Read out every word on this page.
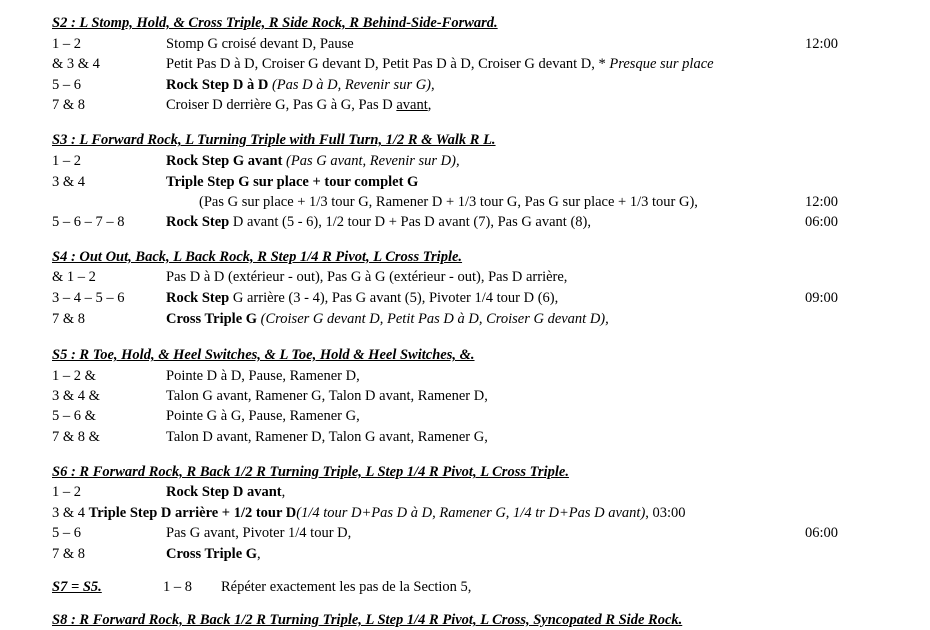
S2 : L Stomp, Hold, & Cross Triple, R Side Rock, R Behind-Side-Forward.
1 – 2	Stomp G croisé devant D, Pause	12:00
& 3 & 4	Petit Pas D à D, Croiser G devant D, Petit Pas D à D, Croiser G devant D, * Presque sur place
5 – 6	Rock Step D à D (Pas D à D, Revenir sur G),
7 & 8	Croiser D derrière G, Pas G à G, Pas D avant,
S3 : L Forward Rock, L Turning Triple with Full Turn, 1/2 R & Walk R L.
1 – 2	Rock Step G avant (Pas G avant, Revenir sur D),
3 & 4	Triple Step G sur place + tour complet G
(Pas G sur place + 1/3 tour G, Ramener D + 1/3 tour G, Pas G sur place + 1/3 tour G),	12:00
5 – 6 – 7 – 8	Rock Step D avant (5 - 6), 1/2 tour D + Pas D avant (7), Pas G avant (8),	06:00
S4 : Out Out, Back, L Back Rock, R Step 1/4 R Pivot, L Cross Triple.
& 1 – 2	Pas D à D (extérieur - out), Pas G à G (extérieur - out), Pas D arrière,
3 – 4 – 5 – 6	Rock Step G arrière (3 - 4), Pas G avant (5), Pivoter 1/4 tour D (6),	09:00
7 & 8	Cross Triple G (Croiser G devant D, Petit Pas D à D, Croiser G devant D),
S5 : R Toe, Hold, & Heel Switches, & L Toe, Hold & Heel Switches, &.
1 – 2 &	Pointe D à D, Pause, Ramener D,
3 & 4 &	Talon G avant, Ramener G, Talon D avant, Ramener D,
5 – 6 &	Pointe G à G, Pause, Ramener G,
7 & 8 &	Talon D avant, Ramener D, Talon G avant, Ramener G,
S6 : R Forward Rock, R Back 1/2 R Turning Triple, L Step 1/4 R Pivot, L Cross Triple.
1 – 2	Rock Step D avant,
3 & 4 Triple Step D arrière + 1/2 tour D(1/4 tour D+Pas D à D, Ramener G, 1/4 tr D+Pas D avant), 03:00
5 – 6	Pas G avant, Pivoter 1/4 tour D,	06:00
7 & 8	Cross Triple G,
S7 = S5.	1 – 8 Répéter exactement les pas de la Section 5,
S8 : R Forward Rock, R Back 1/2 R Turning Triple, L Step 1/4 R Pivot, L Cross, Syncopated R Side Rock.
